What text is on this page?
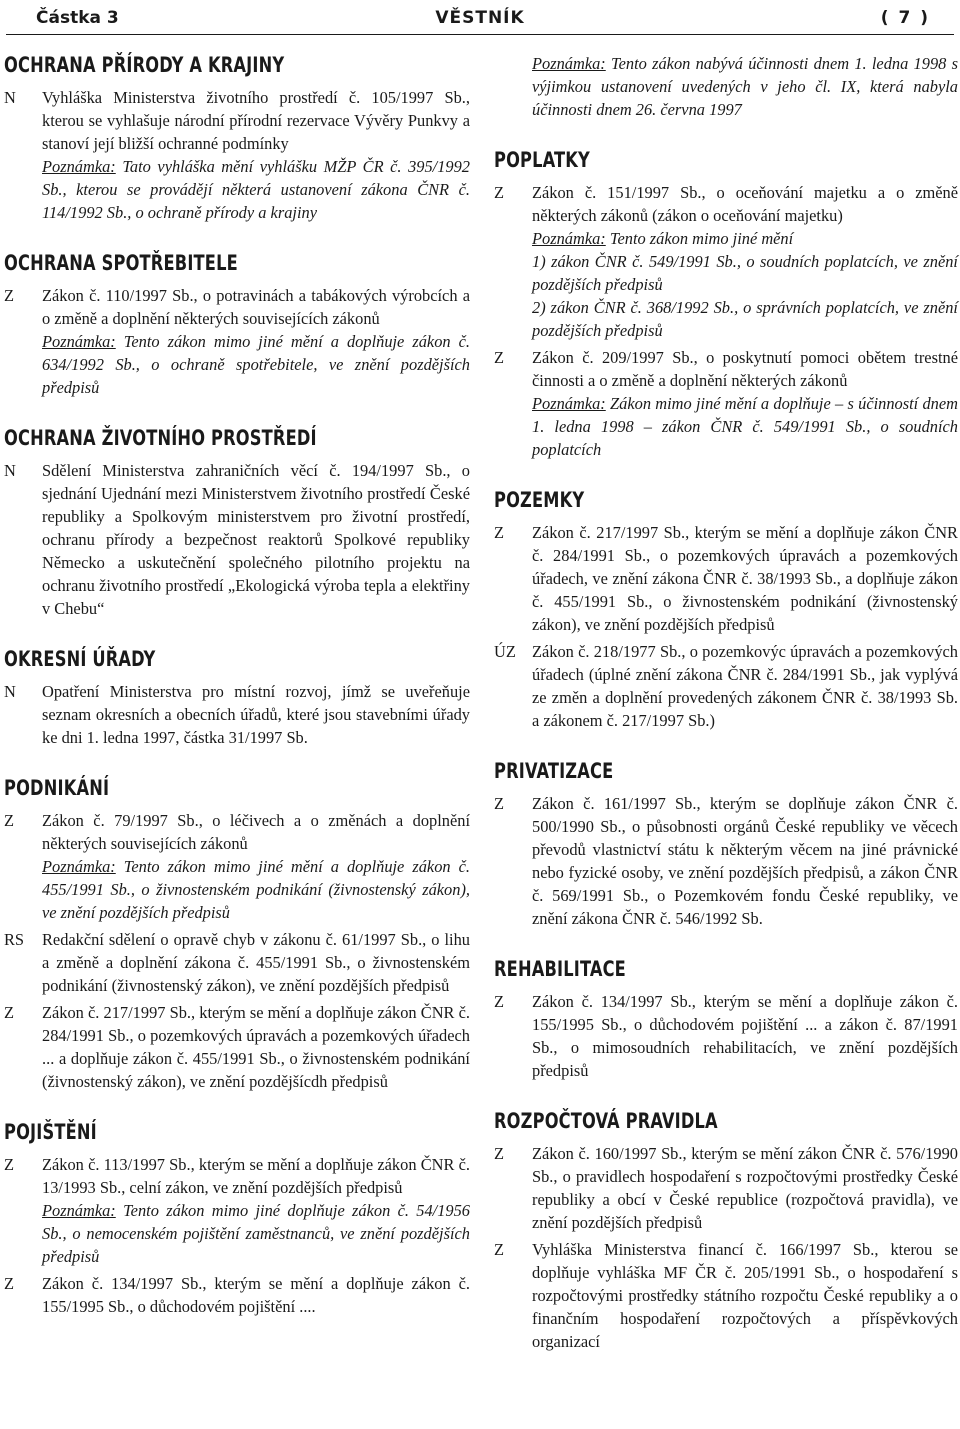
Částka 3	VĚSTNÍK	( 7 )
OCHRANA PŘÍRODY A KRAJINY
N Vyhláška Ministerstva životního prostředí č. 105/1997 Sb., kterou se vyhlašuje národní přírodní rezervace Vývěry Punkvy a stanoví její bližší ochranné podmínky
Poznámka: Tato vyhláška mění vyhlášku MŽP ČR č. 395/1992 Sb., kterou se provádějí některá ustanovení zákona ČNR č. 114/1992 Sb., o ochraně přírody a krajiny
OCHRANA SPOTŘEBITELE
Z Zákon č. 110/1997 Sb., o potravinách a tabákových výrobcích a o změně a doplnění některých souvisejících zákonů
Poznámka: Tento zákon mimo jiné mění a doplňuje zákon č. 634/1992 Sb., o ochraně spotřebitele, ve znění pozdějších předpisů
OCHRANA ŽIVOTNÍHO PROSTŘEDÍ
N Sdělení Ministerstva zahraničních věcí č. 194/1997 Sb., o sjednání Ujednání mezi Ministerstvem životního prostředí České republiky a Spolkovým ministerstvem pro životní prostředí, ochranu přírody a bezpečnost reaktorů Spolkové republiky Německo a uskutečnění společného pilotního projektu na ochranu životního prostředí „Ekologická výroba tepla a elektřiny v Chebu“
OKRESNÍ ÚŘADY
N Opatření Ministerstva pro místní rozvoj, jímž se uveřeňuje seznam okresních a obecních úřadů, které jsou stavebními úřady ke dni 1. ledna 1997, částka 31/1997 Sb.
PODNIKÁNÍ
Z Zákon č. 79/1997 Sb., o léčivech a o změnách a doplnění některých souvisejících zákonů
Poznámka: Tento zákon mimo jiné mění a doplňuje zákon č. 455/1991 Sb., o živnostenském podnikání (živnostenský zákon), ve znění pozdějších předpisů
RS Redakční sdělení o opravě chyb v zákonu č. 61/1997 Sb., o lihu a změně a doplnění zákona č. 455/1991 Sb., o živnostenském podnikání (živnostenský zákon), ve znění pozdějších předpisů
Z Zákon č. 217/1997 Sb., kterým se mění a doplňuje zákon ČNR č. 284/1991 Sb., o pozemkových úpravách a pozemkových úřadech ... a doplňuje zákon č. 455/1991 Sb., o živnostenském podnikání (živnostenský zákon), ve znění pozdějšícdh předpisů
POJIŠTĚNÍ
Z Zákon č. 113/1997 Sb., kterým se mění a doplňuje zákon ČNR č. 13/1993 Sb., celní zákon, ve znění pozdějších předpisů
Poznámka: Tento zákon mimo jiné doplňuje zákon č. 54/1956 Sb., o nemocenském pojištění zaměstnanců, ve znění pozdějších předpisů
Z Zákon č. 134/1997 Sb., kterým se mění a doplňuje zákon č. 155/1995 Sb., o důchodovém pojištění ....
Poznámka: Tento zákon nabývá účinnosti dnem 1. ledna 1998 s výjimkou ustanovení uvedených v jeho čl. IX, která nabyla účinnosti dnem 26. června 1997
POPLATKY
Z Zákon č. 151/1997 Sb., o oceňování majetku a o změně některých zákonů (zákon o oceňování majetku)
Poznámka: Tento zákon mimo jiné mění
1) zákon ČNR č. 549/1991 Sb., o soudních poplatcích, ve znění pozdějších předpisů
2) zákon ČNR č. 368/1992 Sb., o správních poplatcích, ve znění pozdějších předpisů
Z Zákon č. 209/1997 Sb., o poskytnutí pomoci obětem trestné činnosti a o změně a doplnění některých zákonů
Poznámka: Zákon mimo jiné mění a doplňuje – s účinností dnem 1. ledna 1998 – zákon ČNR č. 549/1991 Sb., o soudních poplatcích
POZEMKY
Z Zákon č. 217/1997 Sb., kterým se mění a doplňuje zákon ČNR č. 284/1991 Sb., o pozemkových úpravách a pozemkových úřadech, ve znění zákona ČNR č. 38/1993 Sb., a doplňuje zákon č. 455/1991 Sb., o živnostenském podnikání (živnostenský zákon), ve znění pozdějších předpisů
ÚZ Zákon č. 218/1977 Sb., o pozemkovýc úpravách a pozemkových úřadech (úplné znění zákona ČNR č. 284/1991 Sb., jak vyplývá ze změn a doplnění provedených zákonem ČNR č. 38/1993 Sb. a zákonem č. 217/1997 Sb.)
PRIVATIZACE
Z Zákon č. 161/1997 Sb., kterým se doplňuje zákon ČNR č. 500/1990 Sb., o působnosti orgánů České republiky ve věcech převodů vlastnictví státu k některým věcem na jiné právnické nebo fyzické osoby, ve znění pozdějších předpisů, a zákon ČNR č. 569/1991 Sb., o Pozemkovém fondu České republiky, ve znění zákona ČNR č. 546/1992 Sb.
REHABILITACE
Z Zákon č. 134/1997 Sb., kterým se mění a doplňuje zákon č. 155/1995 Sb., o důchodovém pojištění ... a zákon č. 87/1991 Sb., o mimosoudních rehabilitacích, ve znění pozdějších předpisů
ROZPOČTOVÁ PRAVIDLA
Z Zákon č. 160/1997 Sb., kterým se mění zákon ČNR č. 576/1990 Sb., o pravidlech hospodaření s rozpočtovými prostředky České republiky a obcí v České republice (rozpočtová pravidla), ve znění pozdějších předpisů
Z Vyhláška Ministerstva financí č. 166/1997 Sb., kterou se doplňuje vyhláška MF ČR č. 205/1991 Sb., o hospodaření s rozpočtovými prostředky státního rozpočtu České republiky a o finančním hospodaření rozpočtových a příspěvkových organizací
